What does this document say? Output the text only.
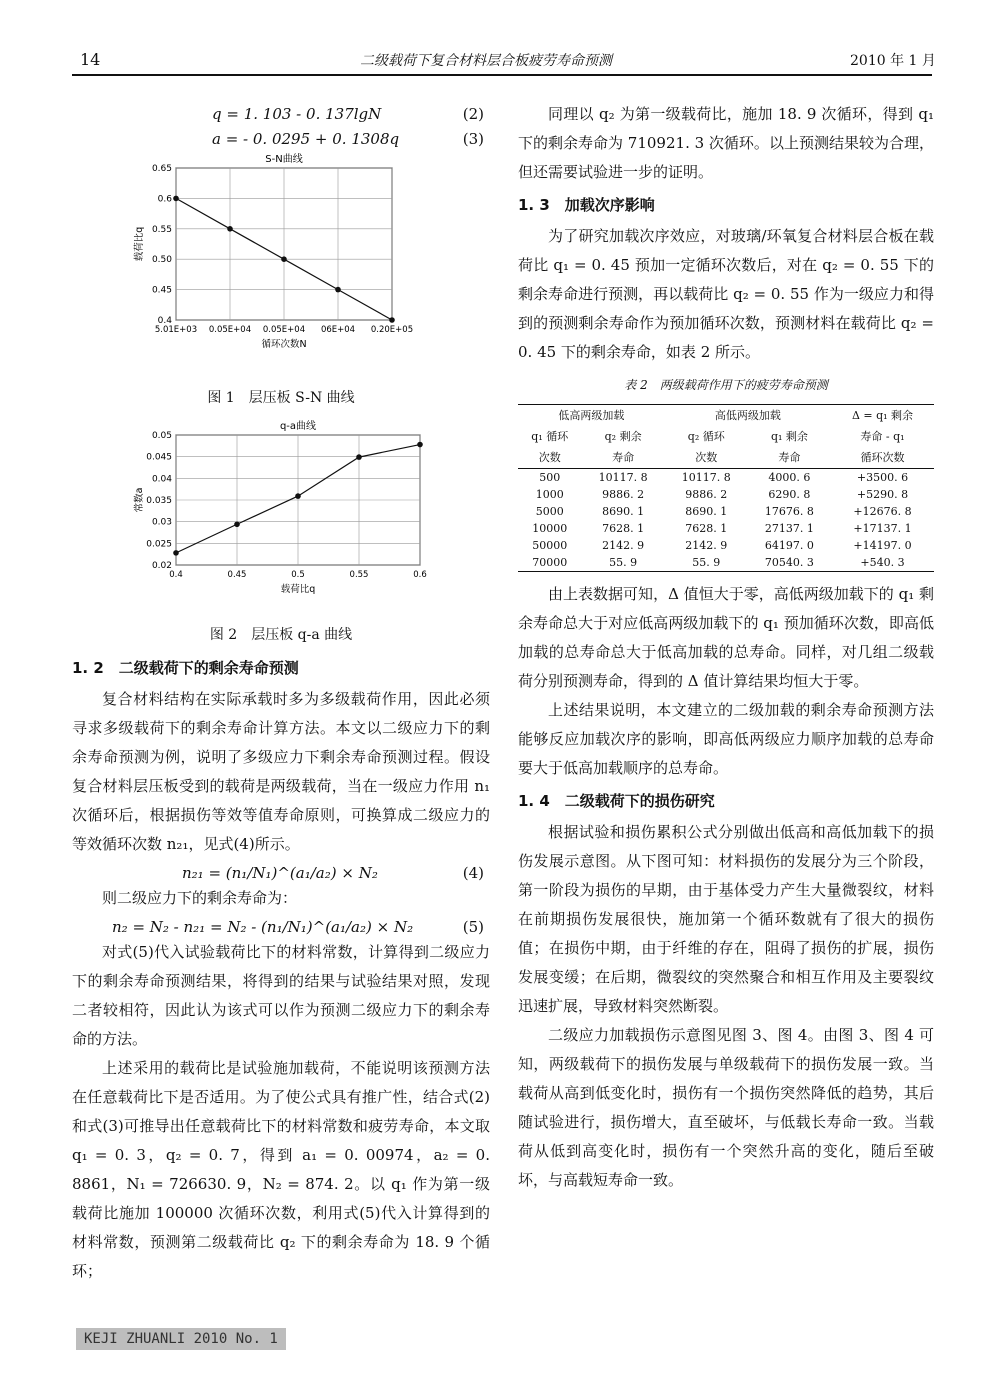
14	二级载荷下复合材料层合板疲劳寿命预测	2010 年 1 月
q = 1. 103 - 0. 137lgN	(2)
a = - 0. 0295 + 0. 1308q	(3)
S-N曲线
0.4
0.45
0.50
0.55
0.6
0.65
5.01E+03 0.05E+04 0.05E+04 06E+04 0.20E+05
循环次数N
载荷比q
图 1　层压板 S-N 曲线
q-a曲线
0.02
0.025
0.03
0.035
0.04
0.045
0.05
0.4	0.45	0.5	0.55	0.6
载荷比q
常数a
图 2　层压板 q-a 曲线
1. 2　二级载荷下的剩余寿命预测

复合材料结构在实际承载时多为多级载荷作用，因此必须寻求多级载荷下的剩余寿命计算方法。本文以二级应力下的剩余寿命预测为例，说明了多级应力下剩余寿命预测过程。假设复合材料层压板受到的载荷是两级载荷，当在一级应力作用 n₁ 次循环后，根据损伤等效等值寿命原则，可换算成二级应力的等效循环次数 n₂₁，见式(4)所示。

n₂₁ = (n₁/N₁)^(a₁/a₂) × N₂	(4)

则二级应力下的剩余寿命为：

n₂ = N₂ - n₂₁ = N₂ - (n₁/N₁)^(a₁/a₂) × N₂	(5)

对式(5)代入试验载荷比下的材料常数，计算得到二级应力下的剩余寿命预测结果，将得到的结果与试验结果对照，发现二者较相符，因此认为该式可以作为预测二级应力下的剩余寿命的方法。

上述采用的载荷比是试验施加载荷，不能说明该预测方法在任意载荷比下是否适用。为了使公式具有推广性，结合式(2)和式(3)可推导出任意载荷比下的材料常数和疲劳寿命，本文取 q₁ = 0. 3，q₂ = 0. 7，得到 a₁ = 0. 00974，a₂ = 0. 8861，N₁ = 726630. 9，N₂ = 874. 2。以 q₁ 作为第一级载荷比施加 100000 次循环次数，利用式(5)代入计算得到的材料常数，预测第二级载荷比 q₂ 下的剩余寿命为 18. 9 个循环；

同理以 q₂ 为第一级载荷比，施加 18. 9 次循环，得到 q₁ 下的剩余寿命为 710921. 3 次循环。以上预测结果较为合理，但还需要试验进一步的证明。

1. 3　加载次序影响

为了研究加载次序效应，对玻璃/环氧复合材料层合板在载荷比 q₁ = 0. 45 预加一定循环次数后，对在 q₂ = 0. 55 下的剩余寿命进行预测，再以载荷比 q₂ = 0. 55 作为一级应力和得到的预测剩余寿命作为预加循环次数，预测材料在载荷比 q₂ = 0. 45 下的剩余寿命，如表 2 所示。

表 2　两级载荷作用下的疲劳寿命预测
低高两级加载		高低两级加载		Δ = q₁ 剩余
q₁ 循环	q₂ 剩余	q₂ 循环	q₁ 剩余	寿命 - q₁
次数	寿命	次数	寿命	循环次数
500	10117. 8	10117. 8	4000. 6	+3500. 6
1000	9886. 2	9886. 2	6290. 8	+5290. 8
5000	8690. 1	8690. 1	17676. 8	+12676. 8
10000	7628. 1	7628. 1	27137. 1	+17137. 1
50000	2142. 9	2142. 9	64197. 0	+14197. 0
70000	55. 9	55. 9	70540. 3	+540. 3

由上表数据可知，Δ 值恒大于零，高低两级加载下的 q₁ 剩余寿命总大于对应低高两级加载下的 q₁ 预加循环次数，即高低加载的总寿命总大于低高加载的总寿命。同样，对几组二级载荷分别预测寿命，得到的 Δ 值计算结果均恒大于零。

上述结果说明，本文建立的二级加载的剩余寿命预测方法能够反应加载次序的影响，即高低两级应力顺序加载的总寿命要大于低高加载顺序的总寿命。

1. 4　二级载荷下的损伤研究

根据试验和损伤累积公式分别做出低高和高低加载下的损伤发展示意图。从下图可知：材料损伤的发展分为三个阶段，第一阶段为损伤的早期，由于基体受力产生大量微裂纹，材料在前期损伤发展很快，施加第一个循环数就有了很大的损伤值；在损伤中期，由于纤维的存在，阻碍了损伤的扩展，损伤发展变缓；在后期，微裂纹的突然聚合和相互作用及主要裂纹迅速扩展，导致材料突然断裂。

二级应力加载损伤示意图见图 3、图 4。由图 3、图 4 可知，两级载荷下的损伤发展与单级载荷下的损伤发展一致。当载荷从高到低变化时，损伤有一个损伤突然降低的趋势，其后随试验进行，损伤增大，直至破坏，与低载长寿命一致。当载荷从低到高变化时，损伤有一个突然升高的变化，随后至破坏，与高载短寿命一致。

KEJI ZHUANLI 2010 No. 1
